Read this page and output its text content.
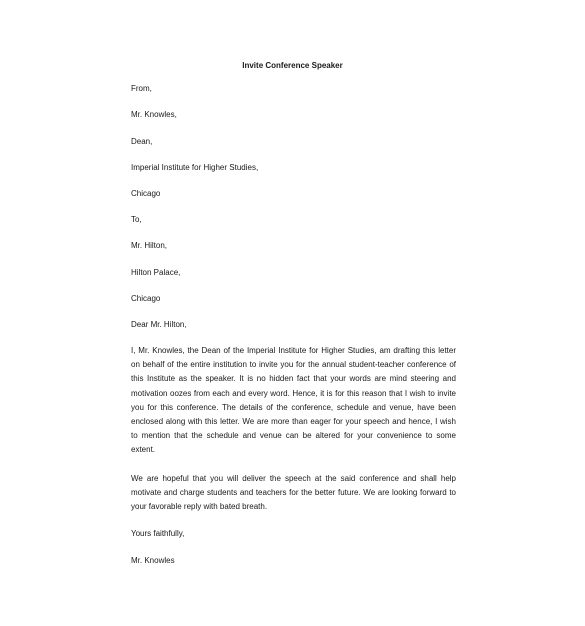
Invite Conference Speaker
From,
Mr. Knowles,
Dean,
Imperial Institute for Higher Studies,
Chicago
To,
Mr. Hilton,
Hilton Palace,
Chicago
Dear Mr. Hilton,
I, Mr. Knowles, the Dean of the Imperial Institute for Higher Studies, am drafting this letter on behalf of the entire institution to invite you for the annual student-teacher conference of this Institute as the speaker. It is no hidden fact that your words are mind steering and motivation oozes from each and every word. Hence, it is for this reason that I wish to invite you for this conference. The details of the conference, schedule and venue, have been enclosed along with this letter. We are more than eager for your speech and hence, I wish to mention that the schedule and venue can be altered for your convenience to some extent.
We are hopeful that you will deliver the speech at the said conference and shall help motivate and charge students and teachers for the better future. We are looking forward to your favorable reply with bated breath.
Yours faithfully,
Mr. Knowles
